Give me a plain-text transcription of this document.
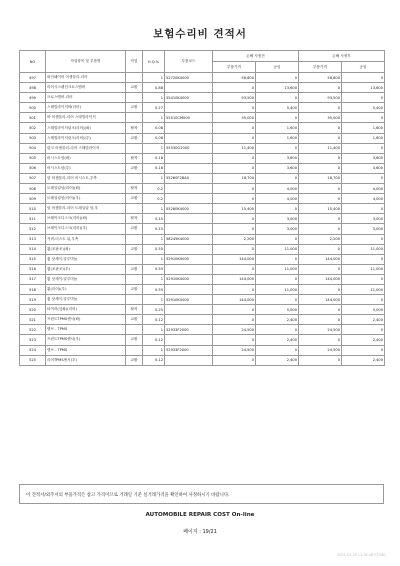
보험수리비 견적서
NO	작업항목 및 부품명	작업	H.Q.%	부품코드	손해 사정전		손해 사정후	
					부품가격	공임	부품가격	공임
497	퍼인패이어 어셈블리-리어		1	52720K4000	58,800	0	58,800	0
498	리어시스펜션크로스멤버	교환	0.88		0	13,600	0	13,600
499	크로스멤버-리어		1	55410K4000	93,500	0	93,500	0
500	스태빌라이저바(리어)	교환	0.27		0	5,400	0	5,400
501	바 어셈블리-리어 스태빌라이저		1	55510CM000	35,000	0	35,000	0
502	스태빌라이저링크(리어)(좌)	탈착	0.08		0	1,600	0	1,600
503	스태빌라이저링크(리어)(우)	교환	0.08		0	1,600	0	1,600
504	링크 어셈블리-리어 스태빌라이저		1	55530G2000	11,400	0	11,400	0
505	어시스트암(좌)	탈착	0.18		0	3,600	0	3,600
506	어시스트암(우)	교환	0.18		0	3,600	0	3,600
507	암 어셈블리-리어 어시스트,우측		1	55260F2BA0	18,700	0	18,700	0
508	트레일링암(리어)(좌)	탈착	0.2		0	4,000	0	4,000
509	트레일링암(리어)(우)	교환	0.2		0	4,000	0	4,000
510	암 어셈블리-리어 트레일링 암,우		1	55280K4000	15,400	0	15,400	0
511	브레이크디스크(리어)(좌)	탈착	0.15		0	3,000	0	3,000
512	브레이크디스크(리어)(우)	교환	0.15		0	3,000	0	3,000
513	커버-더스트 뒤,우측		1	58245K4000	2,200	0	2,200	0
514	휠(조판조)(좌)	교환	0.55		0	11,000	0	11,000
515	휠 앗세이-알루미늄		1	52910K4000	144,000	0	144,000	0
516	휠(조판조)(우)	교환	0.55		0	11,000	0	11,000
517	휠 앗세이-알루미늄		1	52910K4000	144,000	0	144,000	0
518	휠(리어)(우)	교환	0.55		0	11,000	0	11,000
519	휠 앗세이-알루미늄		1	52910K4000	144,000	0	144,000	0
520	타이어(앞좌)(리어)	탈착	0.25		0	5,000	0	5,000
521	프런트TPMS센서(좌)	교환	0.12		0	2,400	0	2,400
522	밸브 - TPMS		1	52933F2000	24,500	0	24,500	0
523	프런트TPMS센서(우)	교환	0.12		0	2,400	0	2,400
524	밸브 - TPMS		1	52933F2000	24,500	0	24,500	0
525	리어TPMS센서(우)	교환	0.12		0	2,400	0	2,400
이 견적서/외주서의 부품가격은 참고 가격이므로 거래일 기준 실거래가격을 확인하여 사정하시기 바랍니다.
AUTOMOBILE REPAIR COST On-line
페이지 : 19/21
2021-03-29 11:36:46 RT/081
